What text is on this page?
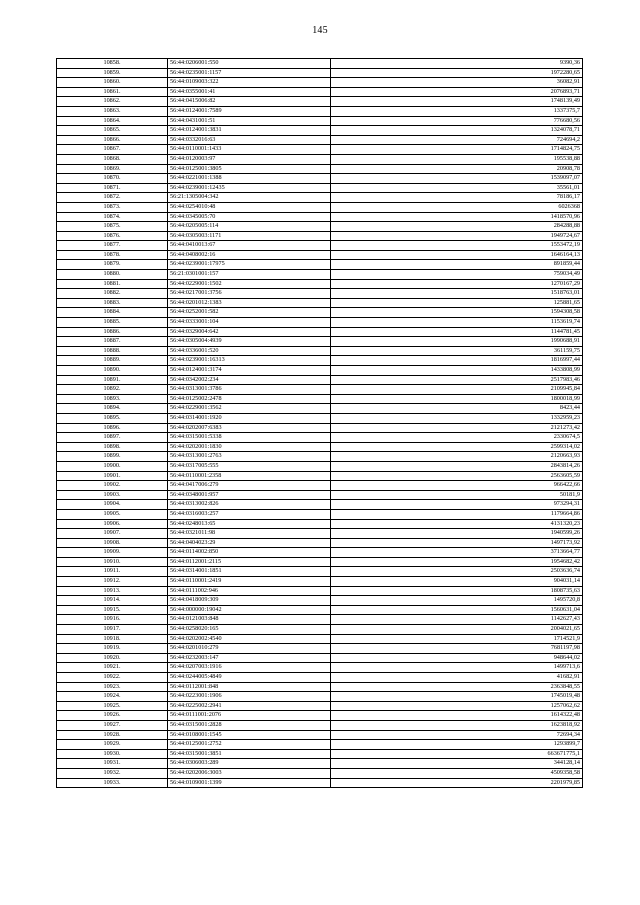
145
10858.	56:44:0206001:550	9390,36
10859.	56:44:0235001:1157	1972280,65
10860.	56:44:0109003:322	36082,91
10861.	56:44:0355001:41	2076893,71
10862.	56:44:0415006:82	1748139,49
10863.	56:44:0124001:7589	1337375,7
10864.	56:44:0431001:51	776680,56
10865.	56:44:0124001:3831	1324078,71
10866.	56:44:0332016:63	724694,2
10867.	56:44:0110001:1433	1714824,75
10868.	56:44:0120003:97	195538,88
10869.	56:44:0125001:3805	20908,78
10870.	56:44:0221001:1388	1539097,07
10871.	56:44:0239001:12435	35561,01
10872.	56:21:1305004:342	78186,17
10873.	56:44:0254010:48	6026368
10874.	56:44:0345005:70	1418570,96
10875.	56:44:0205005:114	284288,88
10876.	56:44:0305003:1171	1949724,67
10877.	56:44:0410013:67	1553472,19
10878.	56:44:0408002:16	1646164,13
10879.	56:44:0239001:17975	891859,44
10880.	56:21:0301001:157	759034,49
10881.	56:44:0229001:1502	1270167,29
10882.	56:44:0217001:3756	1518763,01
10883.	56:44:0201012:1383	125881,65
10884.	56:44:0252001:582	1594308,58
10885.	56:44:0333001:104	1153619,74
10886.	56:44:0329004:642	1144781,45
10887.	56:44:0305004:4939	1990688,91
10888.	56:44:0336001:520	361159,75
10889.	56:44:0239001:16313	1816997,44
10890.	56:44:0124001:3174	1433808,99
10891.	56:44:0342002:234	2517983,46
10892.	56:44:0313001:3786	2109945,84
10893.	56:44:0125002:2478	1800018,99
10894.	56:44:0229001:3562	8423,44
10895.	56:44:0314001:1920	1332959,23
10896.	56:44:0202007:6383	2121273,42
10897.	56:44:0315001:5338	2330674,5
10898.	56:44:0202001:1830	2599314,02
10899.	56:44:0313001:2763	2120663,93
10900.	56:44:0317005:555	2843814,26
10901.	56:44:0110001:2358	2563605,59
10902.	56:44:0417006:279	966422,66
10903.	56:44:0348001:957	50181,9
10904.	56:44:0313002:826	973294,31
10905.	56:44:0316003:257	1179664,86
10906.	56:44:0248013:65	4131320,23
10907.	56:44:0321011:98	1940599,26
10908.	56:44:0404023:29	1497173,92
10909.	56:44:0114002:850	3713664,77
10910.	56:44:0112001:2115	1954682,42
10911.	56:44:0314001:1851	2503636,74
10912.	56:44:0110001:2419	904031,14
10913.	56:44:0111002:946	1808735,63
10914.	56:44:0418009:309	1495720,8
10915.	56:44:000000:19042	1560631,04
10916.	56:44:0121003:848	1142627,43
10917.	56:44:0258020:165	2004021,65
10918.	56:44:0202002:4540	1714521,9
10919.	56:44:0201010:279	7681197,98
10920.	56:44:0232003:147	948644,02
10921.	56:44:0207003:1916	1499713,6
10922.	56:44:0244005:4849	41682,91
10923.	56:44:0112001:848	2363848,55
10924.	56:44:0223001:1906	1745019,48
10925.	56:44:0225002:2941	1257062,62
10926.	56:44:0111001:2076	1614322,48
10927.	56:44:0315001:2828	1623818,92
10928.	56:44:0108001:1545	72694,34
10929.	56:44:0125001:2752	1293899,7
10930.	56:44:0315001:3851	663671775,1
10931.	56:44:0306003:289	344128,14
10932.	56:44:0202006:3003	4509358,58
10933.	56:44:0109001:1399	2201979,85
